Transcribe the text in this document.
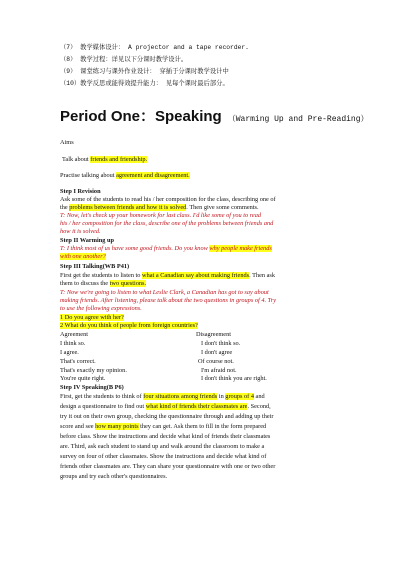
（7） 教学媒体设计： A projector and a tape recorder.
（8） 教学过程：详见以下分课时教学设计。
（9） 课堂练习与课外作业设计： 穿插于分课时教学设计中
（10）教学反思或能得效提升能力： 见每个课时最后部分。
Period One：Speaking （Warming Up and Pre-Reading）
Aims
Talk about friends and friendship.
Practise talking about agreement and disagreement.
Step I Revision
Ask some of the students to read his / her composition for the class, describing one of
the problems between friends and how it is solved. Then give some comments.
T: Now, let's check up your homework for last class. I'd like some of you to read
his / her composition for the class, describe one of the problems between friends and
how it is solved.
Step II Warming up
T: I think most of us have some good friends. Do you know why people make friends
with one another?
Step III Talking(WB P41)
First get the students to listen to what a Canadian say about making friends. Then ask
them to discuss the two questions.
T: Now we're going to listen to what Leslie Clark, a Canadian has got to say about
making friends. After listening, please talk about the two questions in groups of 4. Try
to use the following expressions.
1 Do you agree with her?
2 What do you think of people from foreign countries?
Agreement	Disagreement
I think so.
I agree.
That's correct.
That's exactly my opinion.
You're quite right.
I don't think so.
I don't agree
Of course not.
I'm afraid not.
I don't think you are right.
Step IV Speaking(B P6)
First, get the students to think of four situations among friends in groups of 4 and
design a questionnaire to find out what kind of friends their classmates are. Second,
try it out on their own group, checking the questionnaire through and adding up their
score and see how many points they can get. Ask them to fill in the form prepared
before class. Show the instructions and decide what kind of friends their classmates
are. Third, ask each student to stand up and walk around the classroom to make a
survey on four of other classmates. Show the instructions and decide what kind of
friends other classmates are. They can share your questionnaire with one or two other
groups and try each other's questionnaires.
